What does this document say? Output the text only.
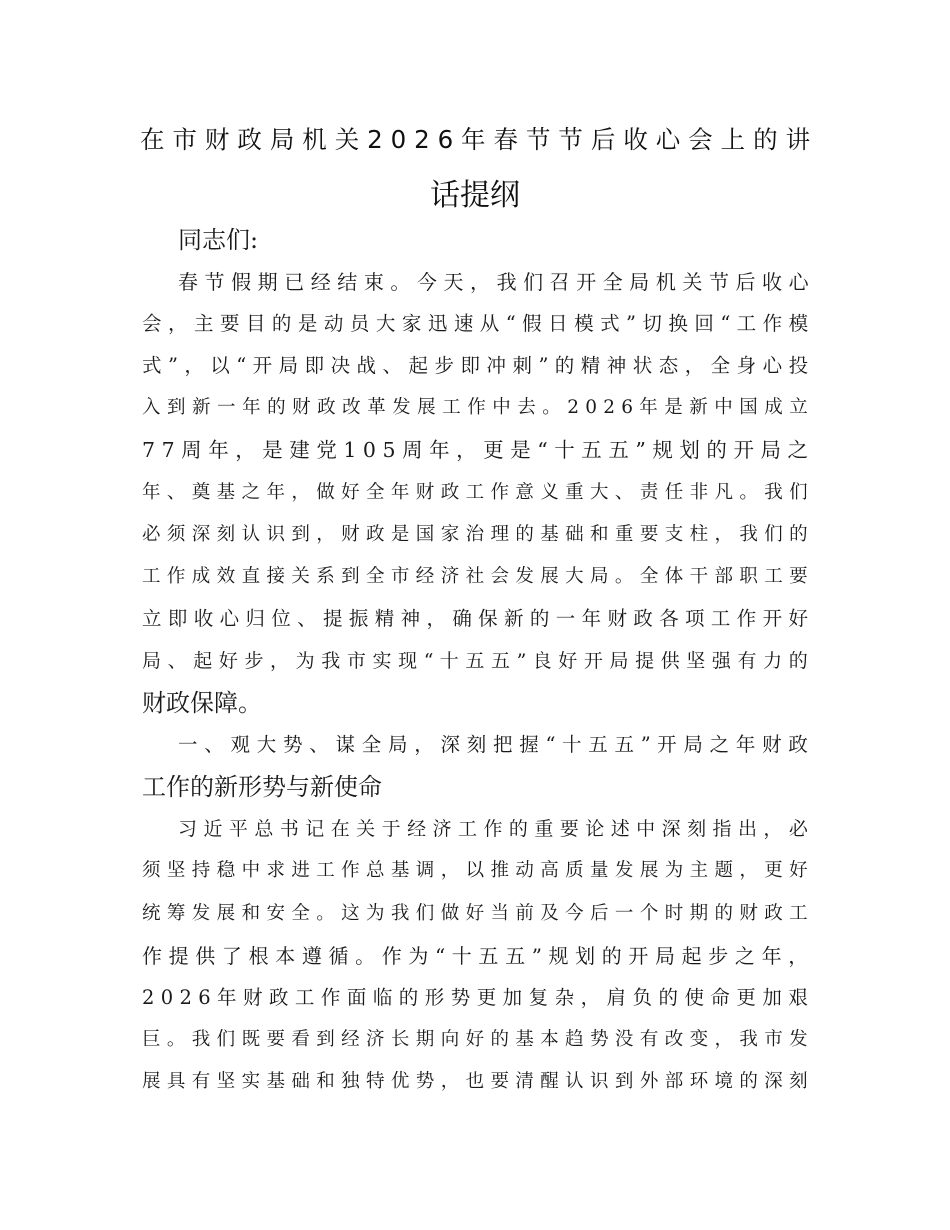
在 市 财 政 局 机 关 2 0 2 6 年 春 节 节 后 收 心 会 上 的 讲
话提纲
同志们:
春 节 假 期 已 经 结 束 。 今 天 ， 我 们 召 开 全 局 机 关 节 后 收 心
会 ， 主 要 目 的 是 动 员 大 家 迅 速 从 “ 假 日 模 式 ” 切 换 回 “ 工 作 模
式 ” ， 以 “ 开 局 即 决 战 、 起 步 即 冲 刺 ” 的 精 神 状 态 ， 全 身 心 投
入 到 新 一 年 的 财 政 改 革 发 展 工 作 中 去 。 2 0 2 6 年 是 新 中 国 成 立
7 7 周 年 ， 是 建 党 1 0 5 周 年 ， 更 是 “ 十 五 五 ” 规 划 的 开 局 之
年 、 奠 基 之 年 ， 做 好 全 年 财 政 工 作 意 义 重 大 、 责 任 非 凡 。 我 们
必 须 深 刻 认 识 到 ， 财 政 是 国 家 治 理 的 基 础 和 重 要 支 柱 ， 我 们 的
工 作 成 效 直 接 关 系 到 全 市 经 济 社 会 发 展 大 局 。 全 体 干 部 职 工 要
立 即 收 心 归 位 、 提 振 精 神 ， 确 保 新 的 一 年 财 政 各 项 工 作 开 好
局 、 起 好 步 ， 为 我 市 实 现 “ 十 五 五 ” 良 好 开 局 提 供 坚 强 有 力 的
财政保障。
一 、 观 大 势 、 谋 全 局 ， 深 刻 把 握 “ 十 五 五 ” 开 局 之 年 财 政
工作的新形势与新使命
习 近 平 总 书 记 在 关 于 经 济 工 作 的 重 要 论 述 中 深 刻 指 出 ， 必
须 坚 持 稳 中 求 进 工 作 总 基 调 ， 以 推 动 高 质 量 发 展 为 主 题 ， 更 好
统 筹 发 展 和 安 全 。 这 为 我 们 做 好 当 前 及 今 后 一 个 时 期 的 财 政 工
作 提 供 了 根 本 遵 循 。 作 为 “ 十 五 五 ” 规 划 的 开 局 起 步 之 年 ，
2 0 2 6 年 财 政 工 作 面 临 的 形 势 更 加 复 杂 ， 肩 负 的 使 命 更 加 艰
巨 。 我 们 既 要 看 到 经 济 长 期 向 好 的 基 本 趋 势 没 有 改 变 ， 我 市 发
展 具 有 坚 实 基 础 和 独 特 优 势 ， 也 要 清 醒 认 识 到 外 部 环 境 的 深 刻
